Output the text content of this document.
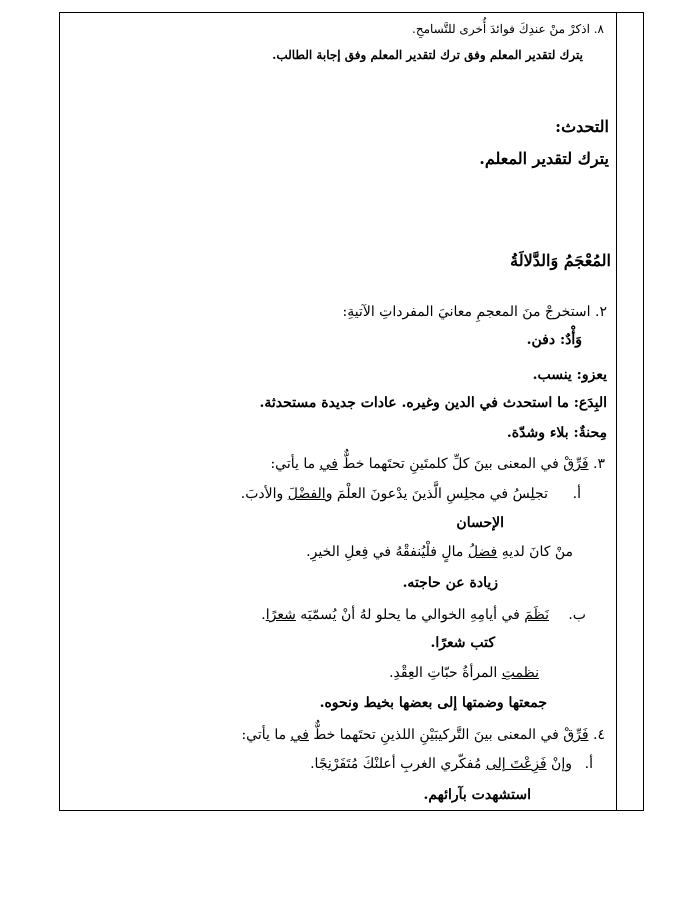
٨. اذكرْ منْ عندِكَ فوائدَ أُخرى للتَّسامحِ.
يترك لتقدير المعلم وفق ترك لتقدير المعلم وفق إجابة الطالب.
التحدث:
يترك لتقدير المعلم.
المُعْجَمُ وَالدَّلالَةُ
٢. استخرجْ منَ المعجمِ معانيَ المفرداتِ الآتيةِ:
وَأْدٌ: دفن.
يعزو: ينسب.
البِدَع: ما استحدث في الدين وغيره. عادات جديدة مستحدثة.
مِحنةٌ: بلاء وشدّة.
٣. فَرِّقْ في المعنى بينَ كلِّ كلمتَينِ تحتَهما خطٌّ في ما يأتي:
أ.
تجلِسُ في مجلِسِ الَّذينَ يدْعونَ العلْمَ والفضْلَ والأدبَ.
الإحسان
منْ كانَ لديهِ فضلُ مالٍ فلْيُنفقْهُ في فِعلِ الخيرِ.
زيادة عن حاجته.
ب.
نَظَمَ في أيامِهِ الخوالي ما يحلو لهُ أنْ يُسمّيَه شعرًا.
كتب شعرًا.
نظمتِ المرأةُ حبّاتِ العِقْدِ.
جمعتها وضمتها إلى بعضها بخيط ونحوه.
٤. فَرِّقْ في المعنى بينَ التَّركيبَيْنِ اللذينِ تحتَهما خطٌّ في ما يأتي:
أ.
وإنْ فَزِعْتَ إلى مُفكّري الغربِ أعلنْكَ مُتَفَرْنِجًا.
استشهدت بآرائهم.
